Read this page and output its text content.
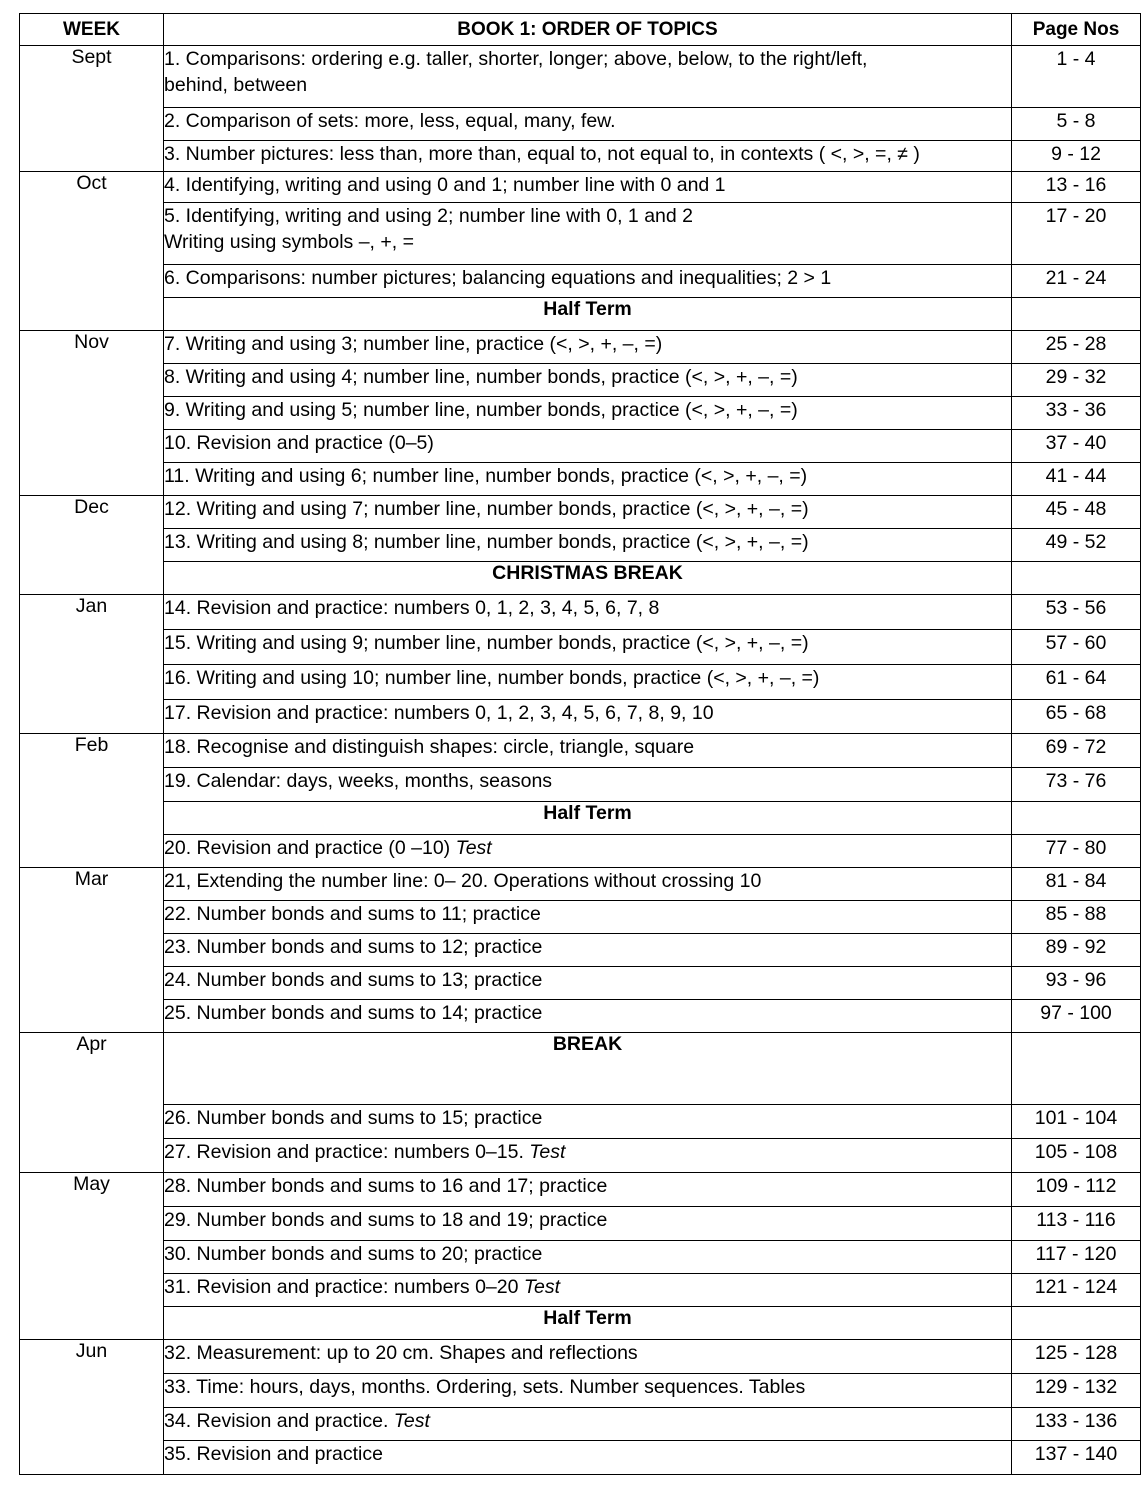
WEEK	BOOK 1: ORDER OF TOPICS	Page Nos
Sept	1. Comparisons: ordering e.g. taller, shorter, longer; above, below, to the right/left,
behind, between	1 - 4
	2. Comparison of sets: more, less, equal, many, few.	5 - 8
	3. Number pictures: less than, more than, equal to, not equal to, in contexts ( <, >, =, ≠ )	9 - 12
Oct	4. Identifying, writing and using 0 and 1; number line with 0 and 1	13 - 16
	5. Identifying, writing and using 2; number line with 0, 1 and 2
Writing using symbols –, +, =	17 - 20
	6. Comparisons: number pictures; balancing equations and inequalities; 2 > 1	21 - 24
	Half Term	
Nov	7. Writing and using 3; number line, practice (<, >, +, –, =)	25 - 28
	8. Writing and using 4; number line, number bonds, practice (<, >, +, –, =)	29 - 32
	9. Writing and using 5; number line, number bonds, practice (<, >, +, –, =)	33 - 36
	10. Revision and practice (0–5)	37 - 40
	11. Writing and using 6; number line, number bonds, practice (<, >, +, –, =)	41 - 44
Dec	12. Writing and using 7; number line, number bonds, practice (<, >, +, –, =)	45 - 48
	13. Writing and using 8; number line, number bonds, practice (<, >, +, –, =)	49 - 52
	CHRISTMAS BREAK	
Jan	14. Revision and practice: numbers 0, 1, 2, 3, 4, 5, 6, 7, 8	53 - 56
	15. Writing and using 9; number line, number bonds, practice (<, >, +, –, =)	57 - 60
	16. Writing and using 10; number line, number bonds, practice (<, >, +, –, =)	61 - 64
	17. Revision and practice: numbers 0, 1, 2, 3, 4, 5, 6, 7, 8, 9, 10	65 - 68
Feb	18. Recognise and distinguish shapes: circle, triangle, square	69 - 72
	19. Calendar: days, weeks, months, seasons	73 - 76
	Half Term	
	20. Revision and practice (0 –10) Test	77 - 80
Mar	21, Extending the number line: 0– 20. Operations without crossing 10	81 - 84
	22. Number bonds and sums to 11; practice	85 - 88
	23. Number bonds and sums to 12; practice	89 - 92
	24. Number bonds and sums to 13; practice	93 - 96
	25. Number bonds and sums to 14; practice	97 - 100
Apr	BREAK	
	26. Number bonds and sums to 15; practice	101 - 104
	27. Revision and practice: numbers 0–15. Test	105 - 108
May	28. Number bonds and sums to 16 and 17; practice	109 - 112
	29. Number bonds and sums to 18 and 19; practice	113 - 116
	30. Number bonds and sums to 20; practice	117 - 120
	31. Revision and practice: numbers 0–20 Test	121 - 124
	Half Term	
Jun	32. Measurement: up to 20 cm. Shapes and reflections	125 - 128
	33. Time: hours, days, months. Ordering, sets. Number sequences. Tables	129 - 132
	34. Revision and practice. Test	133 - 136
	35. Revision and practice	137 - 140
